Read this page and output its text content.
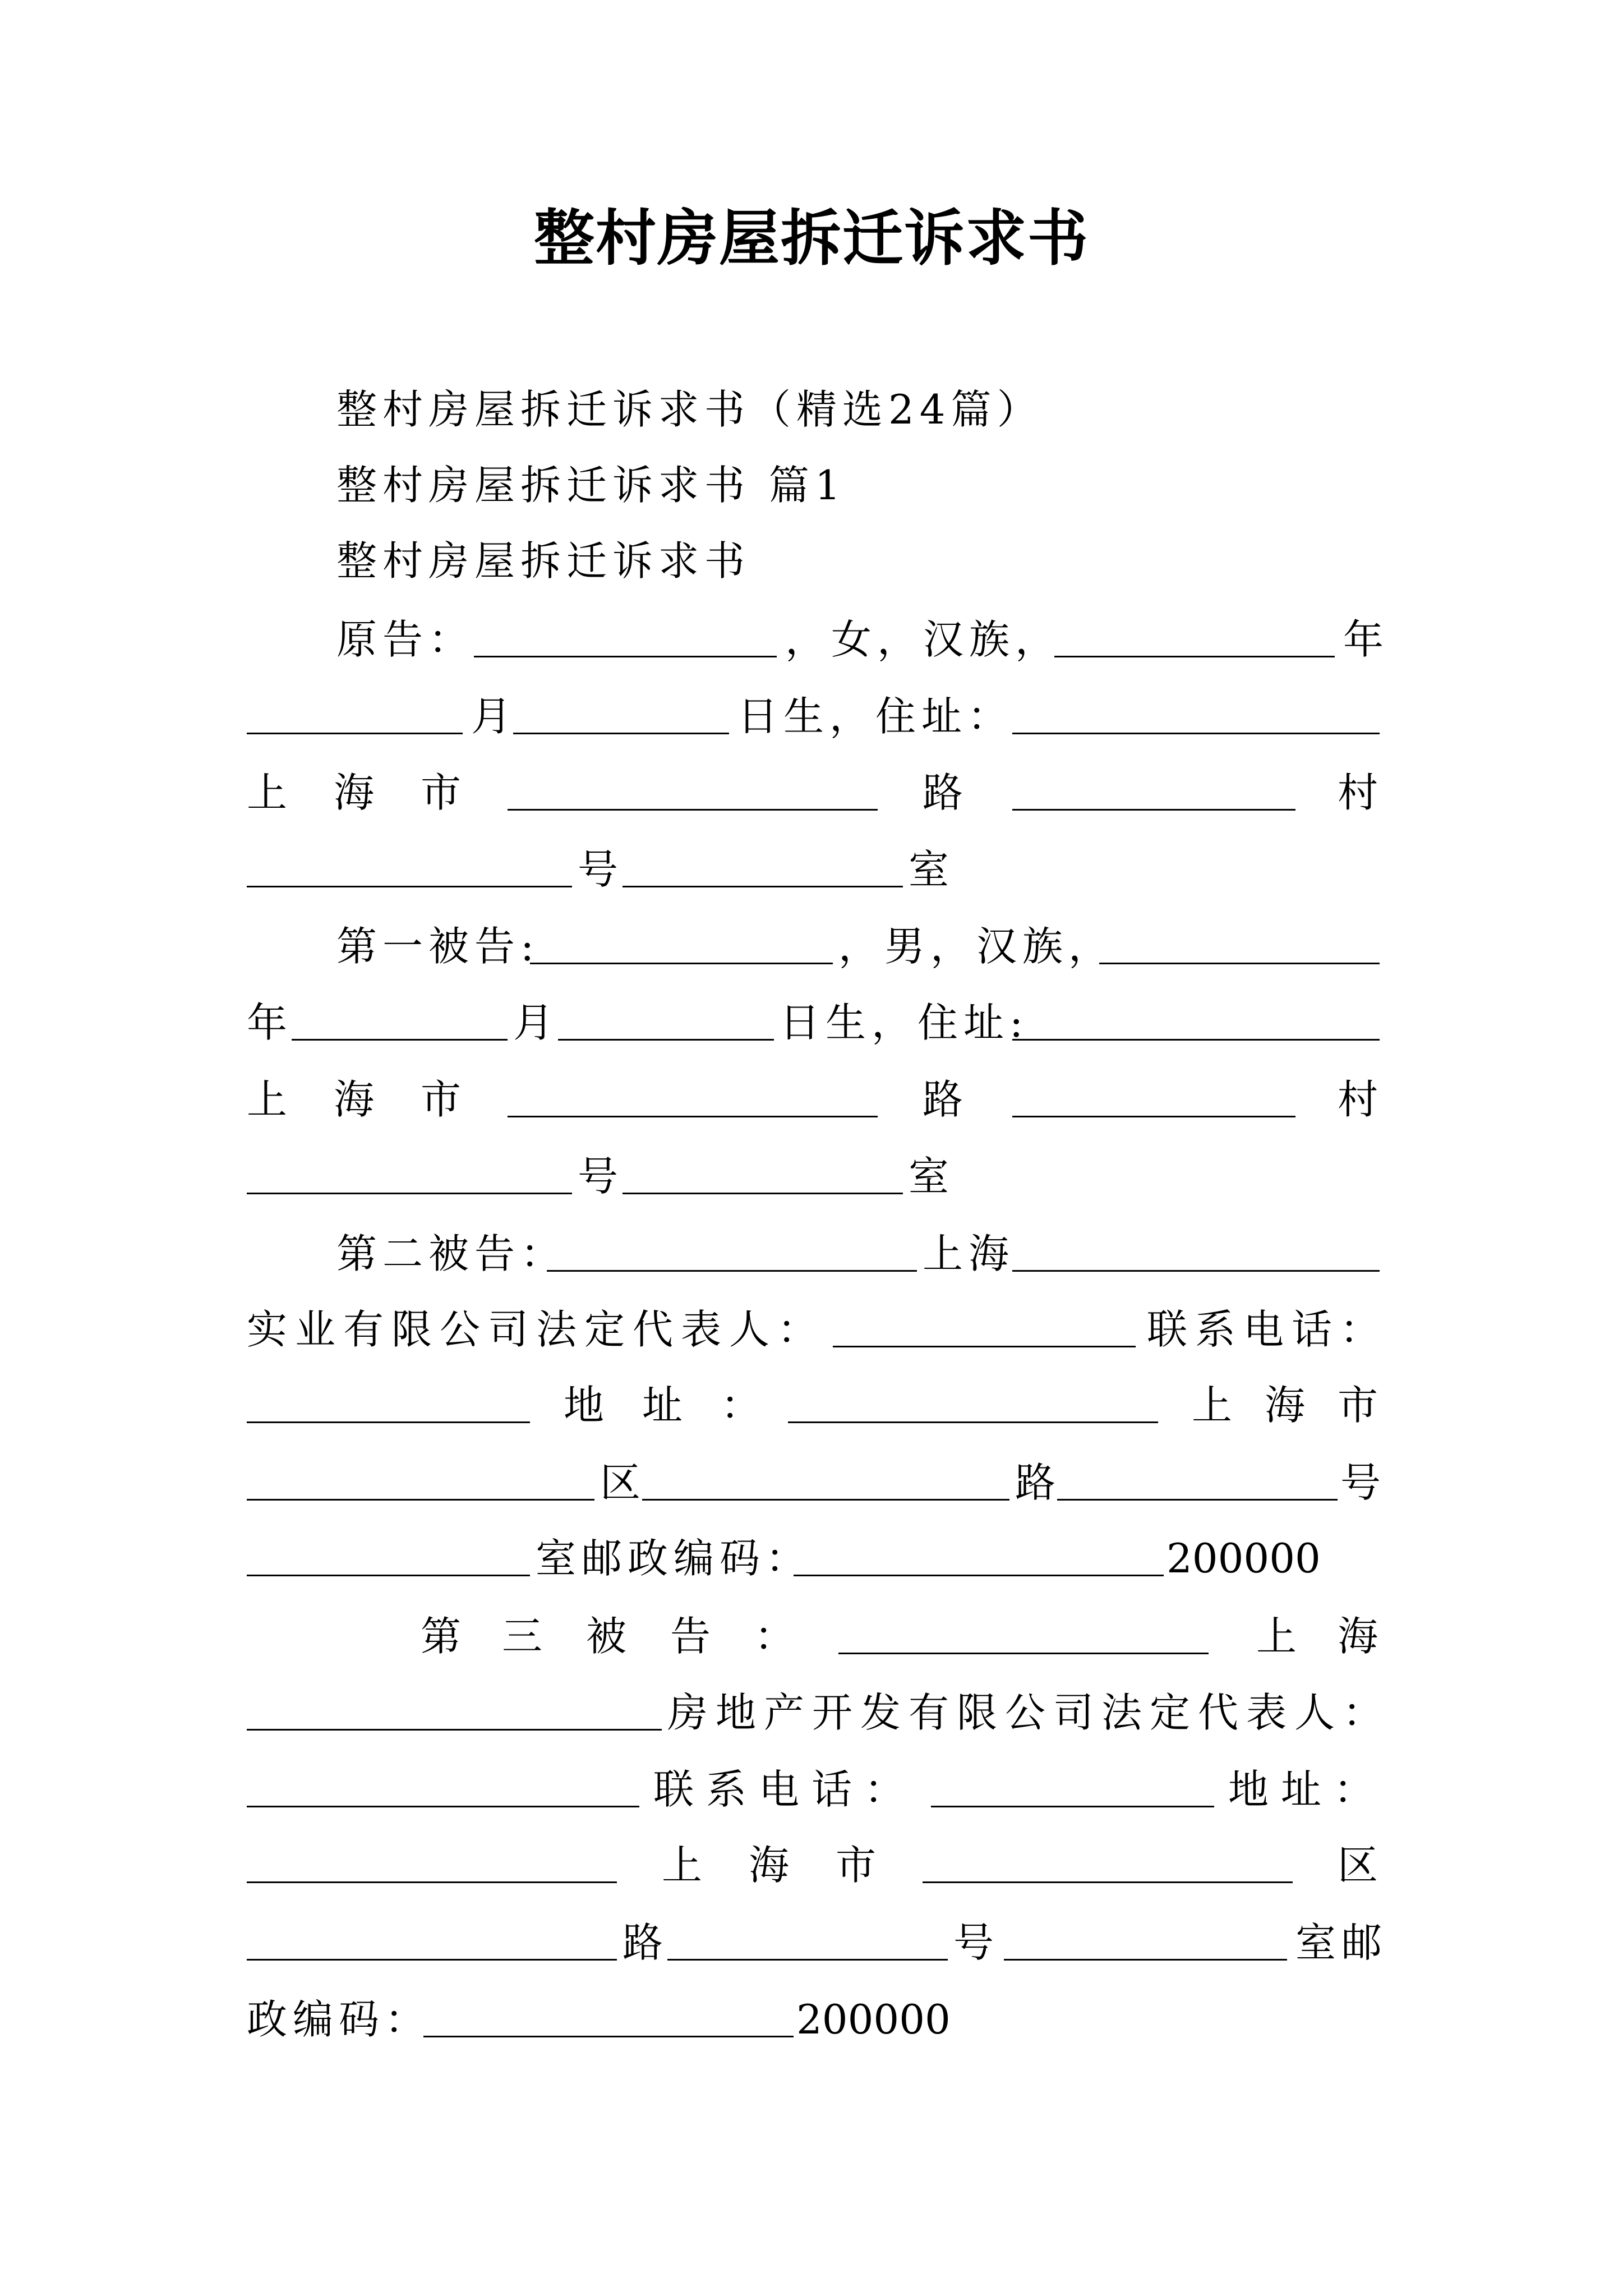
整村房屋拆迁诉求书
整村房屋拆迁诉求书（精选24篇）
整村房屋拆迁诉求书 篇1
整村房屋拆迁诉求书
原告：	，女，汉族，	年
月	日生，住址：
上 海 市	路	村
号	室
第一被告:	，男，汉族，
年	月	日生，住址:
上 海 市	路	村
号	室
第二被告：	上海
实业有限公司法定代表人：	联系电话：
地 址 ：	上 海 市
区	路	号
室邮政编码：	200000
第 三 被 告 ：	上 海
房地产开发有限公司法定代表人：
联系电话：	地址：
上 海 市	区
路	号	室邮
政编码：	200000
